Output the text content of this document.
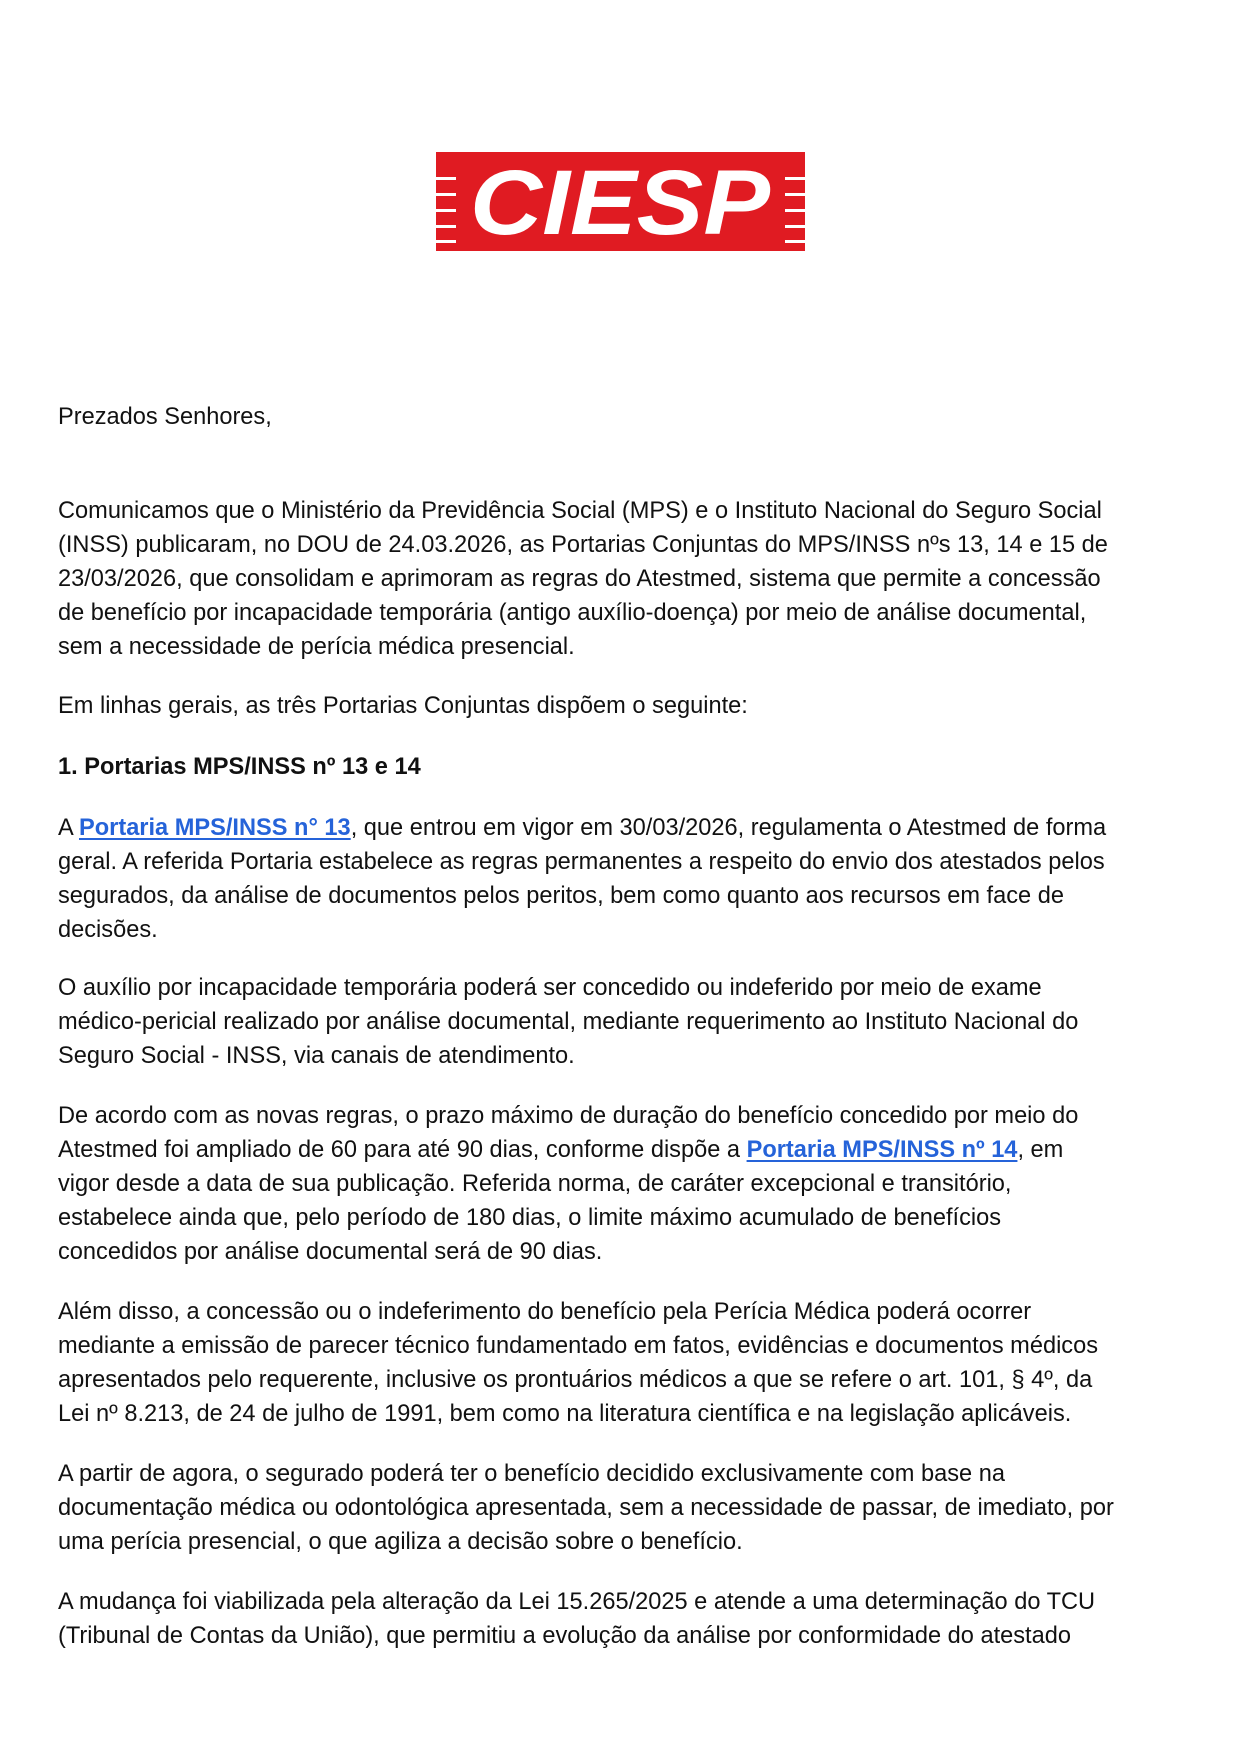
CIESP
Prezados Senhores,
Comunicamos que o Ministério da Previdência Social (MPS) e o Instituto Nacional do Seguro Social
(INSS) publicaram, no DOU de 24.03.2026, as Portarias Conjuntas do MPS/INSS nºs 13, 14 e 15 de
23/03/2026, que consolidam e aprimoram as regras do Atestmed, sistema que permite a concessão
de benefício por incapacidade temporária (antigo auxílio-doença) por meio de análise documental,
sem a necessidade de perícia médica presencial.
Em linhas gerais, as três Portarias Conjuntas dispõem o seguinte:
1. Portarias MPS/INSS nº 13 e 14
A Portaria MPS/INSS n° 13, que entrou em vigor em 30/03/2026, regulamenta o Atestmed de forma
geral. A referida Portaria estabelece as regras permanentes a respeito do envio dos atestados pelos
segurados, da análise de documentos pelos peritos, bem como quanto aos recursos em face de
decisões.
O auxílio por incapacidade temporária poderá ser concedido ou indeferido por meio de exame
médico-pericial realizado por análise documental, mediante requerimento ao Instituto Nacional do
Seguro Social - INSS, via canais de atendimento.
De acordo com as novas regras, o prazo máximo de duração do benefício concedido por meio do
Atestmed foi ampliado de 60 para até 90 dias, conforme dispõe a Portaria MPS/INSS nº 14, em
vigor desde a data de sua publicação. Referida norma, de caráter excepcional e transitório,
estabelece ainda que, pelo período de 180 dias, o limite máximo acumulado de benefícios
concedidos por análise documental será de 90 dias.
Além disso, a concessão ou o indeferimento do benefício pela Perícia Médica poderá ocorrer
mediante a emissão de parecer técnico fundamentado em fatos, evidências e documentos médicos
apresentados pelo requerente, inclusive os prontuários médicos a que se refere o art. 101, § 4º, da
Lei nº 8.213, de 24 de julho de 1991, bem como na literatura científica e na legislação aplicáveis.
A partir de agora, o segurado poderá ter o benefício decidido exclusivamente com base na
documentação médica ou odontológica apresentada, sem a necessidade de passar, de imediato, por
uma perícia presencial, o que agiliza a decisão sobre o benefício.
A mudança foi viabilizada pela alteração da Lei 15.265/2025 e atende a uma determinação do TCU
(Tribunal de Contas da União), que permitiu a evolução da análise por conformidade do atestado
